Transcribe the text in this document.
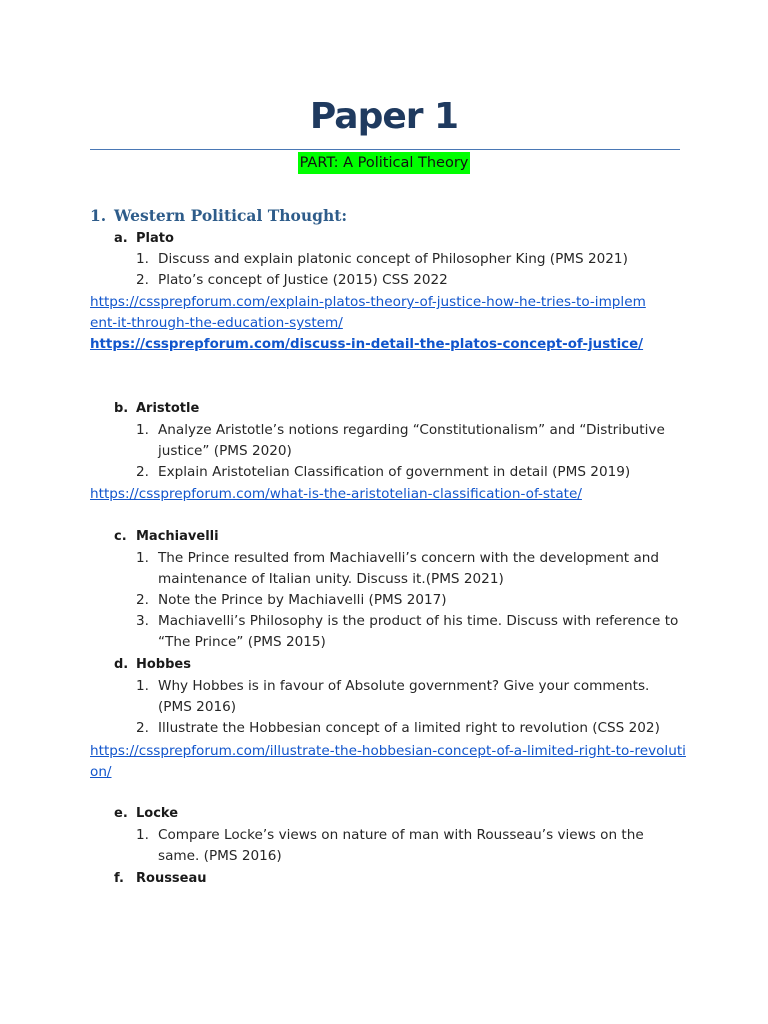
Paper 1
PART: A Political Theory
1. Western Political Thought:
a. Plato
1. Discuss and explain platonic concept of Philosopher King (PMS 2021)
2. Plato’s concept of Justice (2015) CSS 2022
https://cssprepforum.com/explain-platos-theory-of-justice-how-he-tries-to-implement-it-through-the-education-system/
https://cssprepforum.com/discuss-in-detail-the-platos-concept-of-justice/
b. Aristotle
1. Analyze Aristotle’s notions regarding “Constitutionalism” and “Distributive justice” (PMS 2020)
2. Explain Aristotelian Classification of government in detail (PMS 2019)
https://cssprepforum.com/what-is-the-aristotelian-classification-of-state/
c. Machiavelli
1. The Prince resulted from Machiavelli’s concern with the development and maintenance of Italian unity. Discuss it.(PMS 2021)
2. Note the Prince by Machiavelli (PMS 2017)
3. Machiavelli’s Philosophy is the product of his time. Discuss with reference to “The Prince” (PMS 2015)
d. Hobbes
1. Why Hobbes is in favour of Absolute government? Give your comments. (PMS 2016)
2. Illustrate the Hobbesian concept of a limited right to revolution (CSS 202)
https://cssprepforum.com/illustrate-the-hobbesian-concept-of-a-limited-right-to-revolution/
e. Locke
1. Compare Locke’s views on nature of man with Rousseau’s views on the same. (PMS 2016)
f. Rousseau
